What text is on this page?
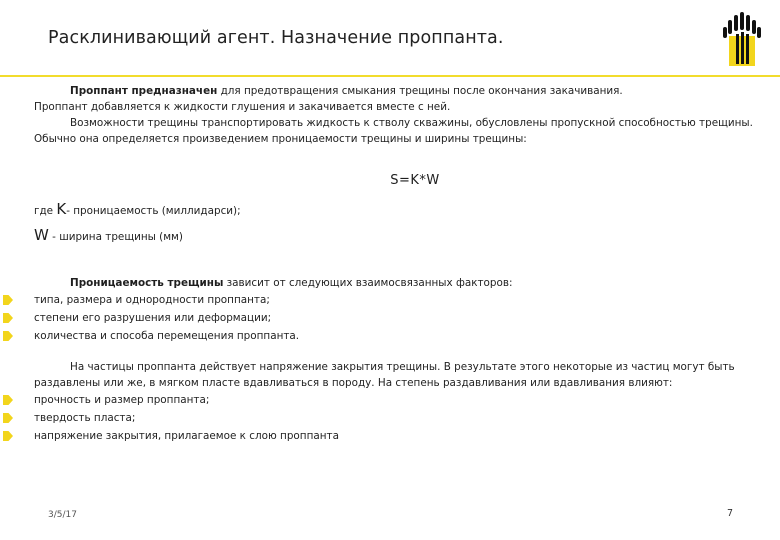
Расклинивающий агент. Назначение проппанта.

Проппант предназначен для предотвращения смыкания трещины после окончания закачивания.

Проппант добавляется к жидкости глушения и закачивается вместе с ней.

Возможности трещины транспортировать жидкость к стволу скважины, обусловлены пропускной способностью трещины. Обычно она определяется произведением проницаемости трещины и ширины трещины:

S=K*W

где K- проницаемость (миллидарси);

W - ширина трещины (мм)

Проницаемость трещины зависит от следующих взаимосвязанных факторов:

типа, размера и однородности проппанта;
степени его разрушения или деформации;
количества и способа перемещения проппанта.

На частицы проппанта действует напряжение закрытия трещины. В результате этого некоторые из частиц могут быть раздавлены или же, в мягком пласте вдавливаться в породу. На степень раздавливания или вдавливания влияют:

прочность и размер проппанта;
твердость пласта;
напряжение закрытия, прилагаемое к слою проппанта
3/5/17	7
